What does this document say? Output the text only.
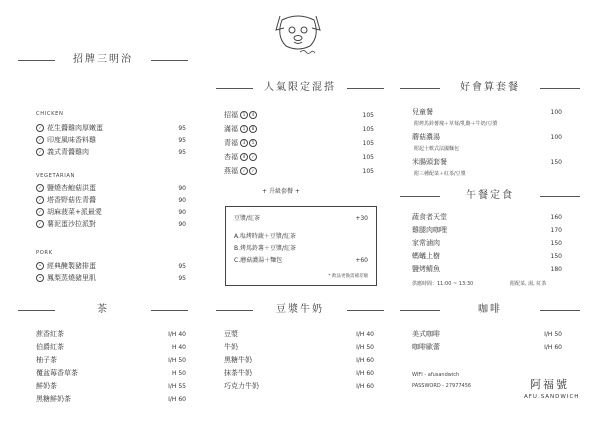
招牌三明治
人氣限定混搭	好會算套餐
午餐定食
茶	豆漿牛奶	咖啡
CHICKEN
✓ 花生醬雞肉厚嫩蛋	95
✓ 印度風味香料雞	95
✓ 義式青醬雞肉	95
VEGETARIAN
✓ 鹽燒杏鮑菇洪蛋	90
✓ 塔香野菇佐青醬	90
✓ 胡麻菠菜+派最愛	90
✓ 薯泥蛋沙拉派對	90
PORK
• 經典醃製豬排蛋	95
• 鳳梨蒸燒豬里肌	95
招福 1 4	105
滿福 1 8	105
青福 3 5	105
杏福 4 ✓	105
燕福 ✓ ✓	105
+ 升級套餐 +
豆漿/紅茶	+30
A.塩烤時蔬＋豆漿/紅茶
B.烤馬鈴薯＋豆漿/紅茶
C.蘑菇濃湯＋麵包	+60
* 飲品更換需補差額
兒童餐	100
附烤馬鈴薯塊＋草莓/乳酪＋牛奶/豆漿
蘑菇濃湯	100
附起士軟式法國麵包
米腸頭套餐	150
附三種配菜＋紅茶/豆漿
蔬食者天堂	160
雞腿肉咖哩	170
家常滷肉	150
螞蟻上樹	150
鹽烤鯖魚	180
供應時間：11:00 ~ 13:30	附配菜, 湯, 紅茶
蔗香紅茶	I/H 40
伯爵紅茶	H 40
柚子茶	I/H 50
覆盆莓香草茶	H 50
鮮奶茶	I/H 55
黑糖鮮奶茶	I/H 60
豆漿	I/H 40
牛奶	I/H 50
黑糖牛奶	I/H 60
抹茶牛奶	I/H 60
巧克力牛奶	I/H 60
美式咖啡	I/H 50
咖啡歐蕾	I/H 60
WIFI - afusandwich
PASSWORD - 27977456	阿福號
AFU.SANDWICH
